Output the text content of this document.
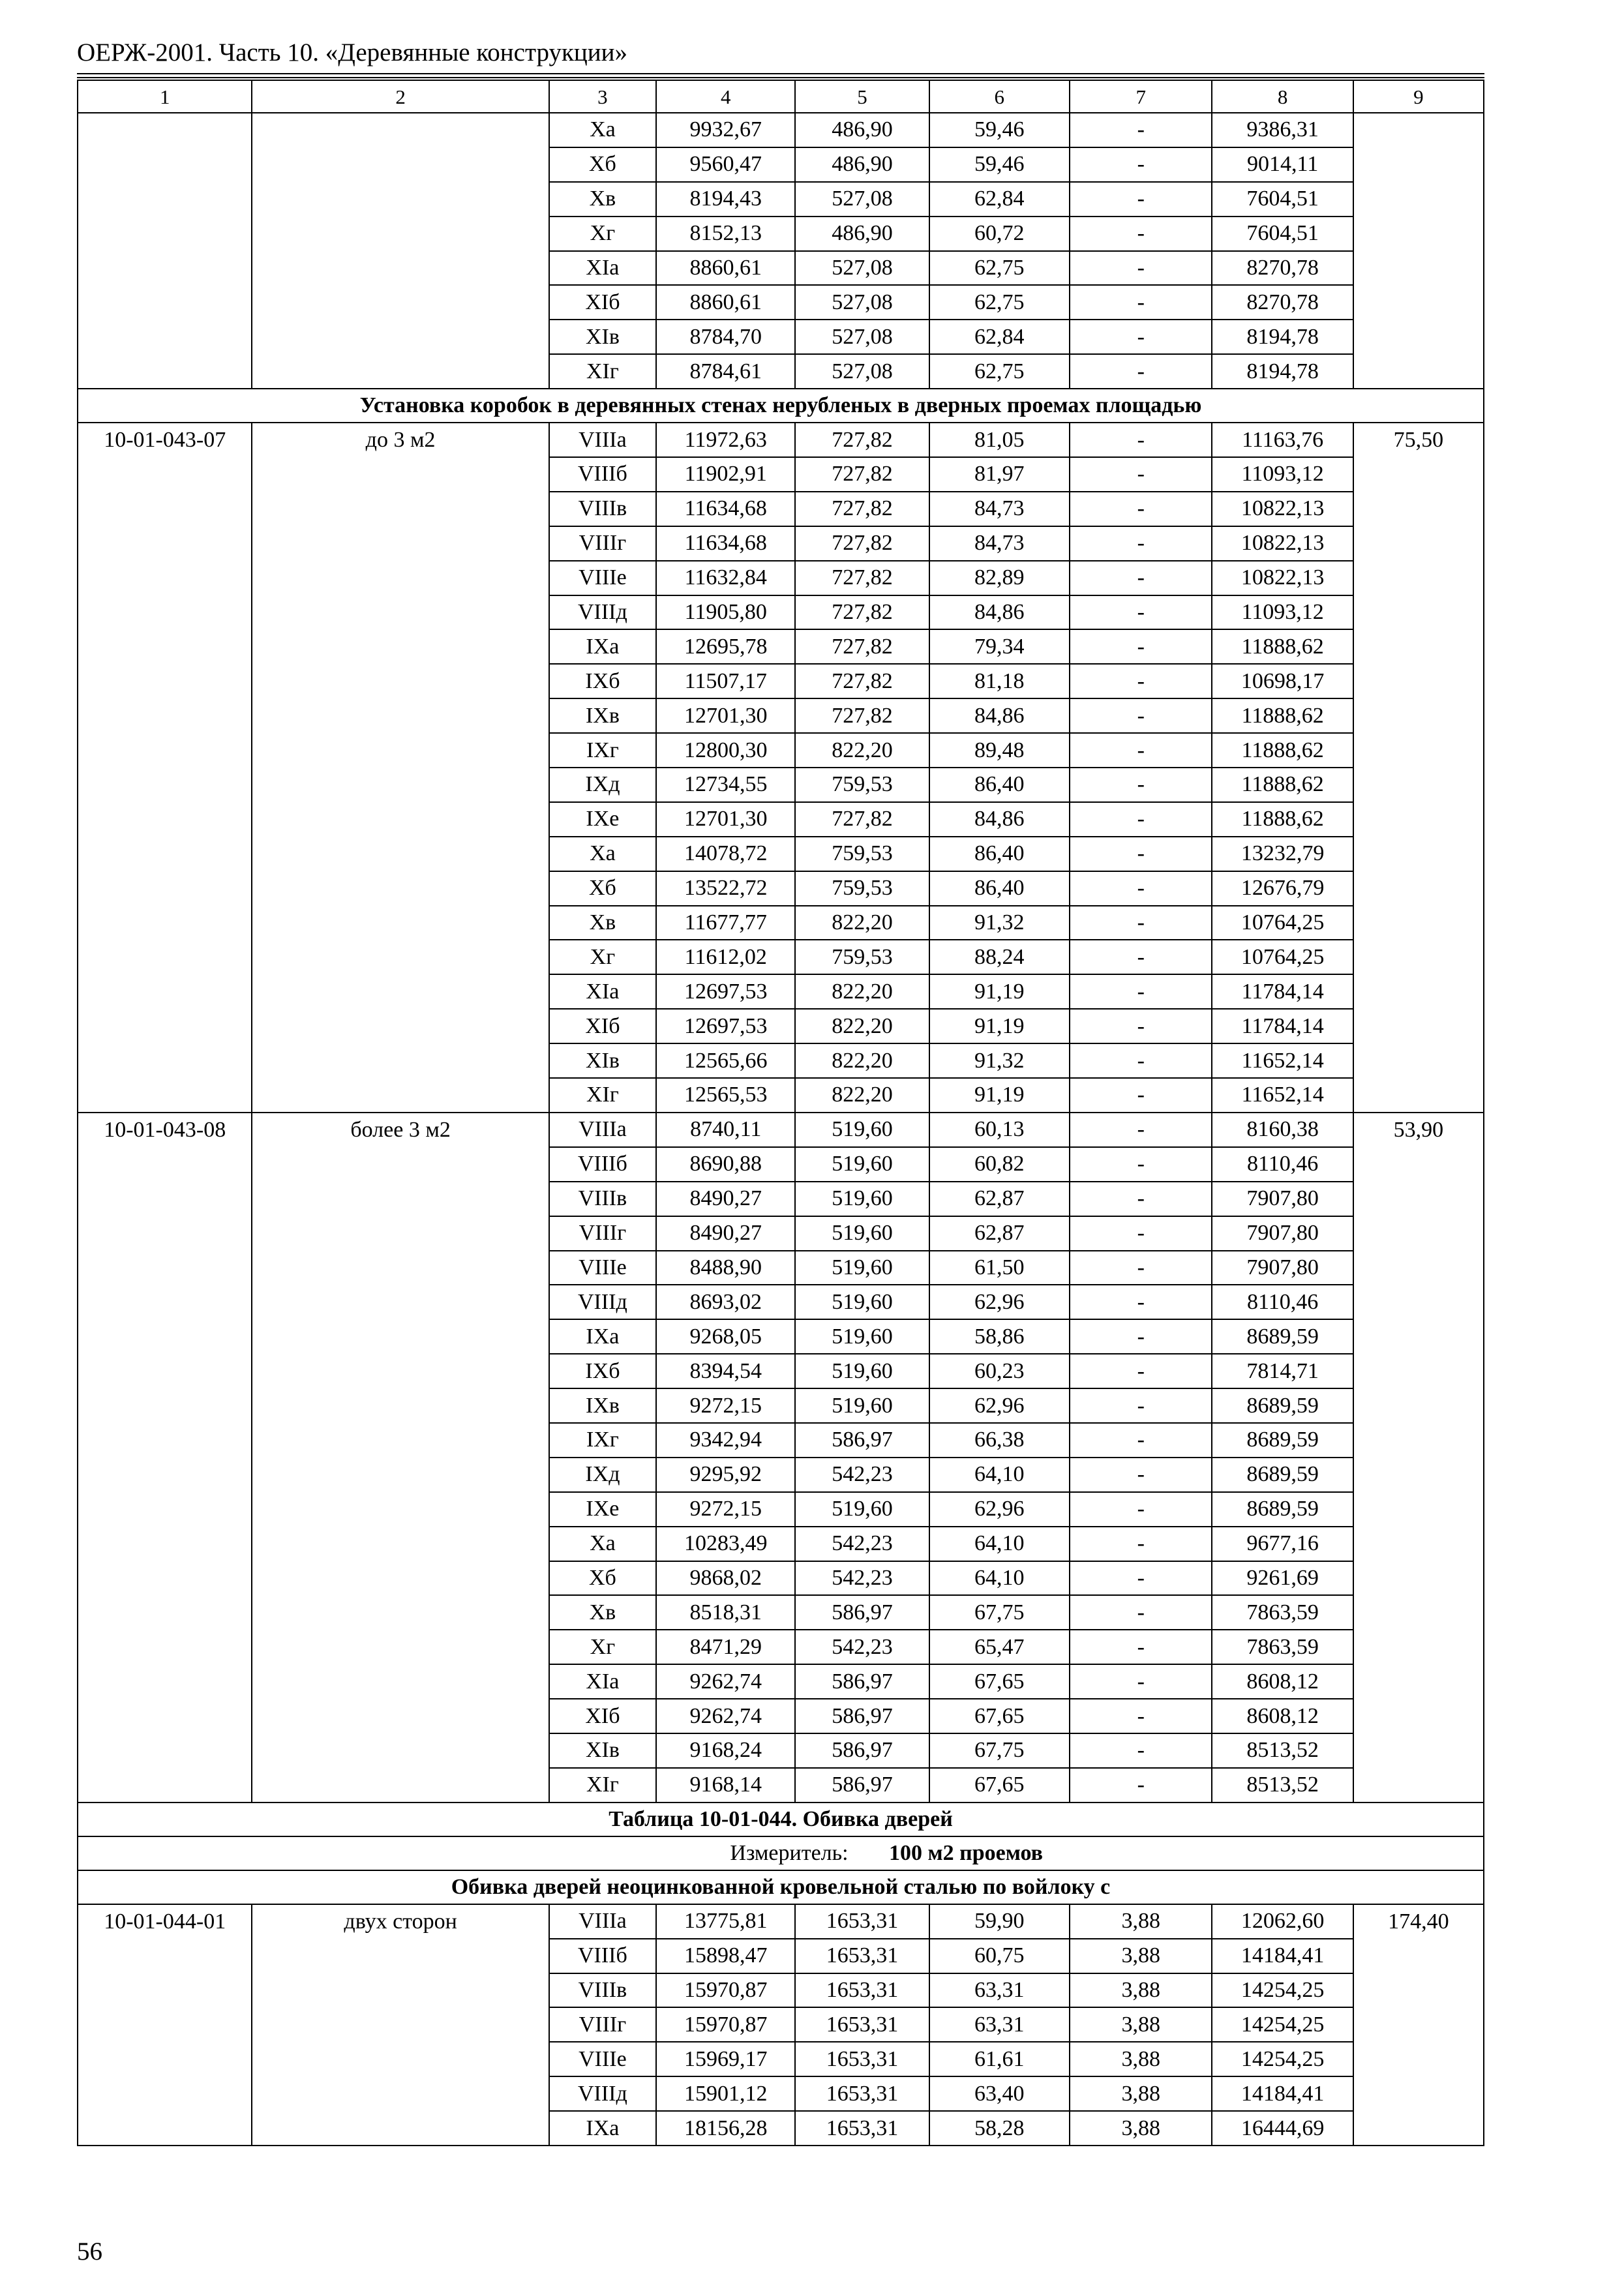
ОЕРЖ-2001. Часть 10. «Деревянные конструкции»
1	2	3	4	5	6	7	8	9
		Xa	9932,67	486,90	59,46	-	9386,31	
		Xб	9560,47	486,90	59,46	-	9014,11	
		Xв	8194,43	527,08	62,84	-	7604,51	
		Xг	8152,13	486,90	60,72	-	7604,51	
		XIa	8860,61	527,08	62,75	-	8270,78	
		XIб	8860,61	527,08	62,75	-	8270,78	
		XIв	8784,70	527,08	62,84	-	8194,78	
		XIг	8784,61	527,08	62,75	-	8194,78	
Установка коробок в деревянных стенах нерубленых в дверных проемах площадью								
10-01-043-07	до 3 м2	VIIIa	11972,63	727,82	81,05	-	11163,76	75,50
		VIIIб	11902,91	727,82	81,97	-	11093,12	
		VIIIв	11634,68	727,82	84,73	-	10822,13	
		VIIIг	11634,68	727,82	84,73	-	10822,13	
		VIIIе	11632,84	727,82	82,89	-	10822,13	
		VIIIд	11905,80	727,82	84,86	-	11093,12	
		IXa	12695,78	727,82	79,34	-	11888,62	
		IXб	11507,17	727,82	81,18	-	10698,17	
		IXв	12701,30	727,82	84,86	-	11888,62	
		IXг	12800,30	822,20	89,48	-	11888,62	
		IXд	12734,55	759,53	86,40	-	11888,62	
		IXе	12701,30	727,82	84,86	-	11888,62	
		Xa	14078,72	759,53	86,40	-	13232,79	
		Xб	13522,72	759,53	86,40	-	12676,79	
		Xв	11677,77	822,20	91,32	-	10764,25	
		Xг	11612,02	759,53	88,24	-	10764,25	
		XIa	12697,53	822,20	91,19	-	11784,14	
		XIб	12697,53	822,20	91,19	-	11784,14	
		XIв	12565,66	822,20	91,32	-	11652,14	
		XIг	12565,53	822,20	91,19	-	11652,14	
10-01-043-08	более 3 м2	VIIIa	8740,11	519,60	60,13	-	8160,38	53,90
		VIIIб	8690,88	519,60	60,82	-	8110,46	
		VIIIв	8490,27	519,60	62,87	-	7907,80	
		VIIIг	8490,27	519,60	62,87	-	7907,80	
		VIIIе	8488,90	519,60	61,50	-	7907,80	
		VIIIд	8693,02	519,60	62,96	-	8110,46	
		IXa	9268,05	519,60	58,86	-	8689,59	
		IXб	8394,54	519,60	60,23	-	7814,71	
		IXв	9272,15	519,60	62,96	-	8689,59	
		IXг	9342,94	586,97	66,38	-	8689,59	
		IXд	9295,92	542,23	64,10	-	8689,59	
		IXе	9272,15	519,60	62,96	-	8689,59	
		Xa	10283,49	542,23	64,10	-	9677,16	
		Xб	9868,02	542,23	64,10	-	9261,69	
		Xв	8518,31	586,97	67,75	-	7863,59	
		Xг	8471,29	542,23	65,47	-	7863,59	
		XIa	9262,74	586,97	67,65	-	8608,12	
		XIб	9262,74	586,97	67,65	-	8608,12	
		XIв	9168,24	586,97	67,75	-	8513,52	
		XIг	9168,14	586,97	67,65	-	8513,52	
Таблица 10-01-044. Обивка дверей								
Измеритель: 100 м2 проемов								
Обивка дверей неоцинкованной кровельной сталью по войлоку с								
10-01-044-01	двух сторон	VIIIa	13775,81	1653,31	59,90	3,88	12062,60	174,40
		VIIIб	15898,47	1653,31	60,75	3,88	14184,41	
		VIIIв	15970,87	1653,31	63,31	3,88	14254,25	
		VIIIг	15970,87	1653,31	63,31	3,88	14254,25	
		VIIIе	15969,17	1653,31	61,61	3,88	14254,25	
		VIIIд	15901,12	1653,31	63,40	3,88	14184,41	
		IXa	18156,28	1653,31	58,28	3,88	16444,69	
56
